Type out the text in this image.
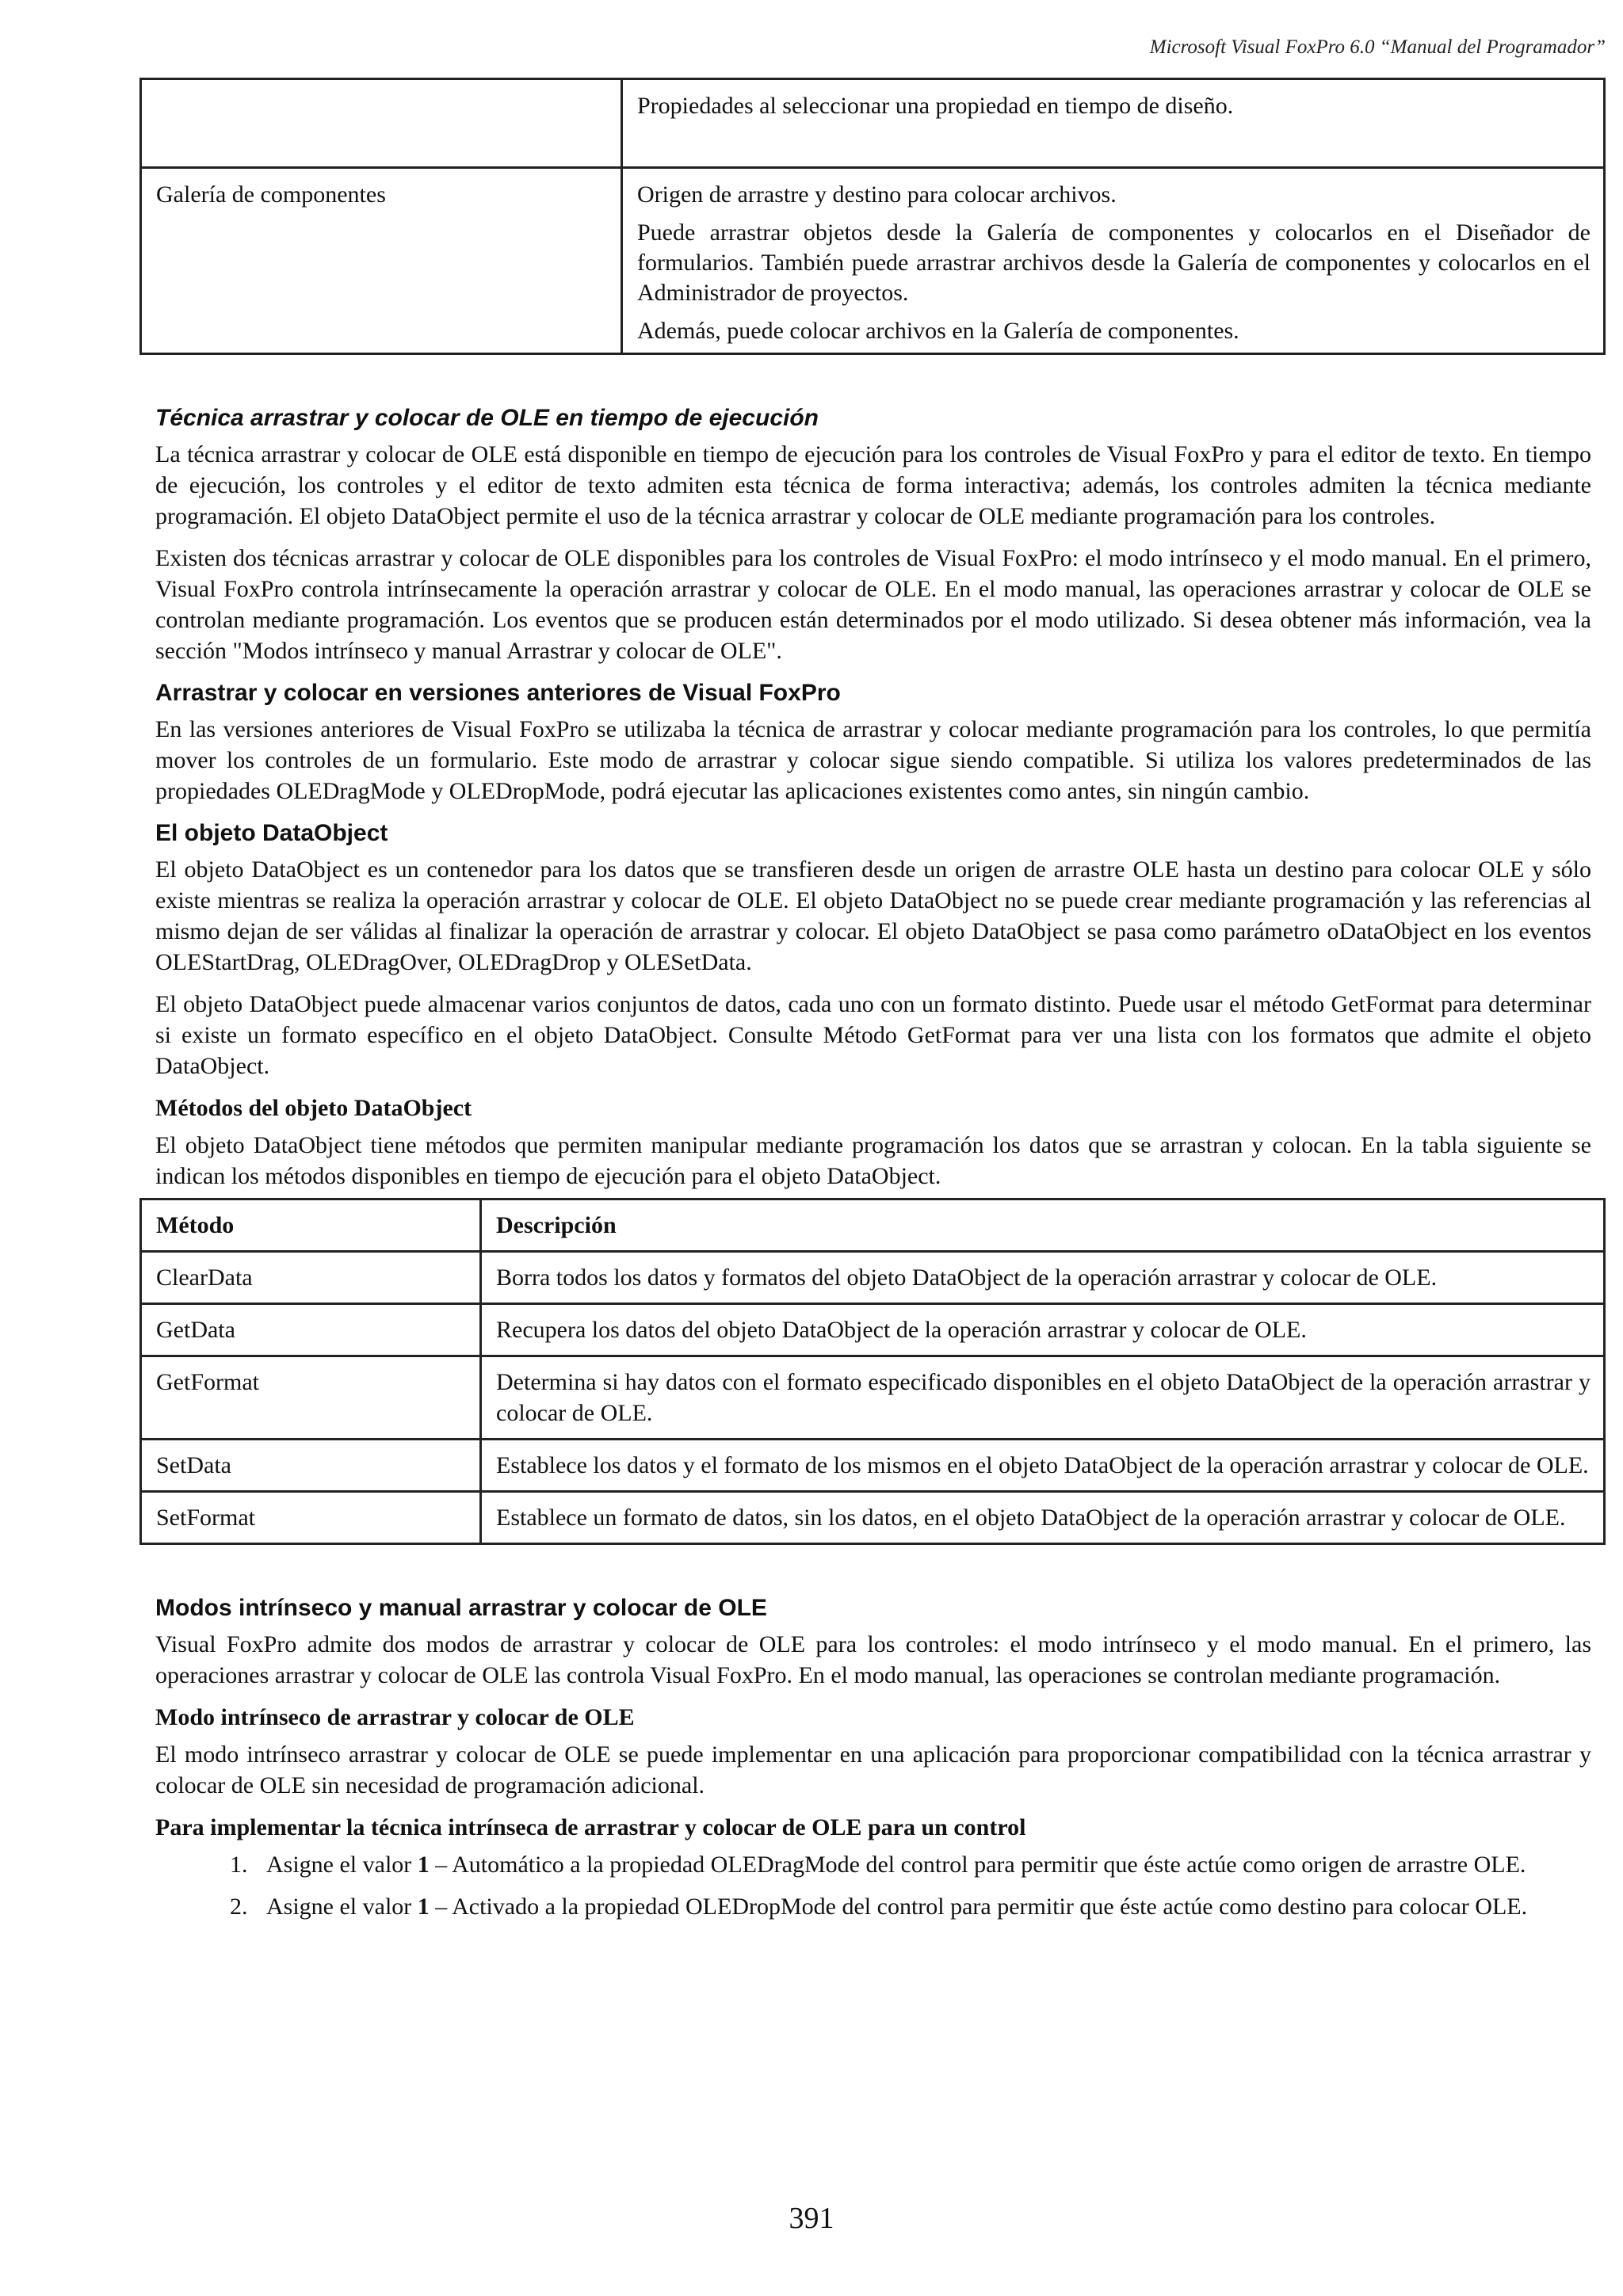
Microsoft Visual FoxPro 6.0 “Manual del Programador”

	Propiedades al seleccionar una propiedad en tiempo de diseño.

Galería de componentes	Origen de arrastre y destino para colocar archivos.

Puede arrastrar objetos desde la Galería de componentes y colocarlos en el Diseñador de formularios. También puede arrastrar archivos desde la Galería de componentes y colocarlos en el Administrador de proyectos.

Además, puede colocar archivos en la Galería de componentes.

Técnica arrastrar y colocar de OLE en tiempo de ejecución

La técnica arrastrar y colocar de OLE está disponible en tiempo de ejecución para los controles de Visual FoxPro y para el editor de texto. En tiempo de ejecución, los controles y el editor de texto admiten esta técnica de forma interactiva; además, los controles admiten la técnica mediante programación. El objeto DataObject permite el uso de la técnica arrastrar y colocar de OLE mediante programación para los controles.

Existen dos técnicas arrastrar y colocar de OLE disponibles para los controles de Visual FoxPro: el modo intrínseco y el modo manual. En el primero, Visual FoxPro controla intrínsecamente la operación arrastrar y colocar de OLE. En el modo manual, las operaciones arrastrar y colocar de OLE se controlan mediante programación. Los eventos que se producen están determinados por el modo utilizado. Si desea obtener más información, vea la sección "Modos intrínseco y manual Arrastrar y colocar de OLE".

Arrastrar y colocar en versiones anteriores de Visual FoxPro

En las versiones anteriores de Visual FoxPro se utilizaba la técnica de arrastrar y colocar mediante programación para los controles, lo que permitía mover los controles de un formulario. Este modo de arrastrar y colocar sigue siendo compatible. Si utiliza los valores predeterminados de las propiedades OLEDragMode y OLEDropMode, podrá ejecutar las aplicaciones existentes como antes, sin ningún cambio.

El objeto DataObject

El objeto DataObject es un contenedor para los datos que se transfieren desde un origen de arrastre OLE hasta un destino para colocar OLE y sólo existe mientras se realiza la operación arrastrar y colocar de OLE. El objeto DataObject no se puede crear mediante programación y las referencias al mismo dejan de ser válidas al finalizar la operación de arrastrar y colocar. El objeto DataObject se pasa como parámetro oDataObject en los eventos OLEStartDrag, OLEDragOver, OLEDragDrop y OLESetData.

El objeto DataObject puede almacenar varios conjuntos de datos, cada uno con un formato distinto. Puede usar el método GetFormat para determinar si existe un formato específico en el objeto DataObject. Consulte Método GetFormat para ver una lista con los formatos que admite el objeto DataObject.

Métodos del objeto DataObject

El objeto DataObject tiene métodos que permiten manipular mediante programación los datos que se arrastran y colocan. En la tabla siguiente se indican los métodos disponibles en tiempo de ejecución para el objeto DataObject.

Método	Descripción
ClearData	Borra todos los datos y formatos del objeto DataObject de la operación arrastrar y colocar de OLE.

GetData	Recupera los datos del objeto DataObject de la operación arrastrar y colocar de OLE.

GetFormat	Determina si hay datos con el formato especificado disponibles en el objeto DataObject de la operación arrastrar y colocar de OLE.

SetData	Establece los datos y el formato de los mismos en el objeto DataObject de la operación arrastrar y colocar de OLE.

SetFormat	Establece un formato de datos, sin los datos, en el objeto DataObject de la operación arrastrar y colocar de OLE.

Modos intrínseco y manual arrastrar y colocar de OLE

Visual FoxPro admite dos modos de arrastrar y colocar de OLE para los controles: el modo intrínseco y el modo manual. En el primero, las operaciones arrastrar y colocar de OLE las controla Visual FoxPro. En el modo manual, las operaciones se controlan mediante programación.

Modo intrínseco de arrastrar y colocar de OLE

El modo intrínseco arrastrar y colocar de OLE se puede implementar en una aplicación para proporcionar compatibilidad con la técnica arrastrar y colocar de OLE sin necesidad de programación adicional.

Para implementar la técnica intrínseca de arrastrar y colocar de OLE para un control
1. Asigne el valor 1 – Automático a la propiedad OLEDragMode del control para permitir que éste actúe como origen de arrastre OLE.
2. Asigne el valor 1 – Activado a la propiedad OLEDropMode del control para permitir que éste actúe como destino para colocar OLE.
391
